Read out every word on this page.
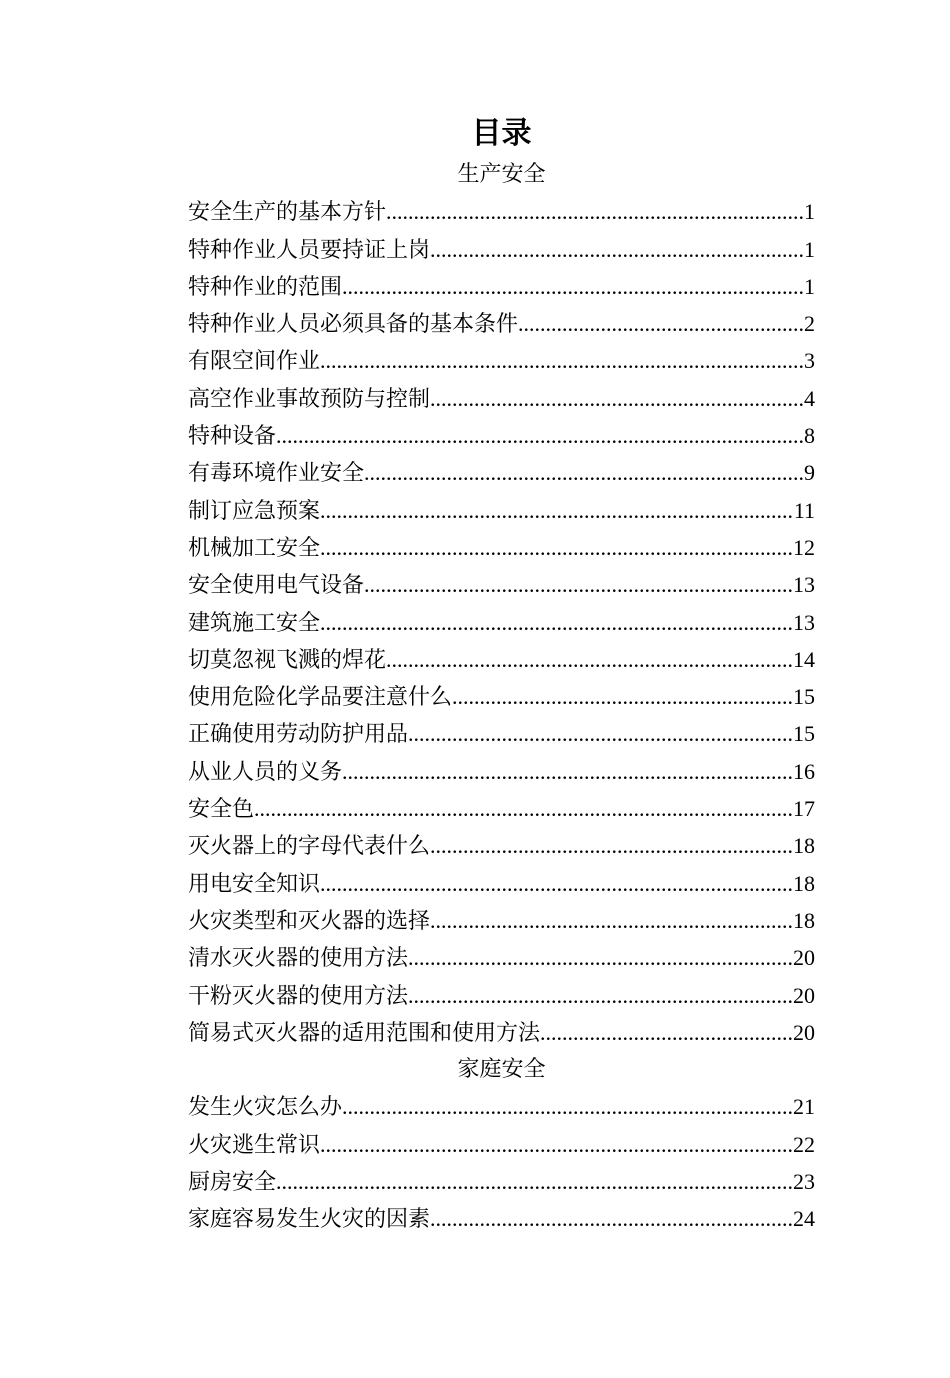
目录
生产安全
安全生产的基本方针 .....	1
特种作业人员要持证上岗 .....	1
特种作业的范围 .....	1
特种作业人员必须具备的基本条件 .....	2
有限空间作业 .....	3
高空作业事故预防与控制 .....	4
特种设备 .....	8
有毒环境作业安全 .....	9
制订应急预案 .....	11
机械加工安全 .....	12
安全使用电气设备 .....	13
建筑施工安全 .....	13
切莫忽视飞溅的焊花 .....	14
使用危险化学品要注意什么 .....	15
正确使用劳动防护用品 .....	15
从业人员的义务 .....	16
安全色 .....	17
灭火器上的字母代表什么 .....	18
用电安全知识 .....	18
火灾类型和灭火器的选择 .....	18
清水灭火器的使用方法 .....	20
干粉灭火器的使用方法 .....	20
简易式灭火器的适用范围和使用方法 .....	20
家庭安全
发生火灾怎么办 .....	21
火灾逃生常识 .....	22
厨房安全 .....	23
家庭容易发生火灾的因素 .....	24
